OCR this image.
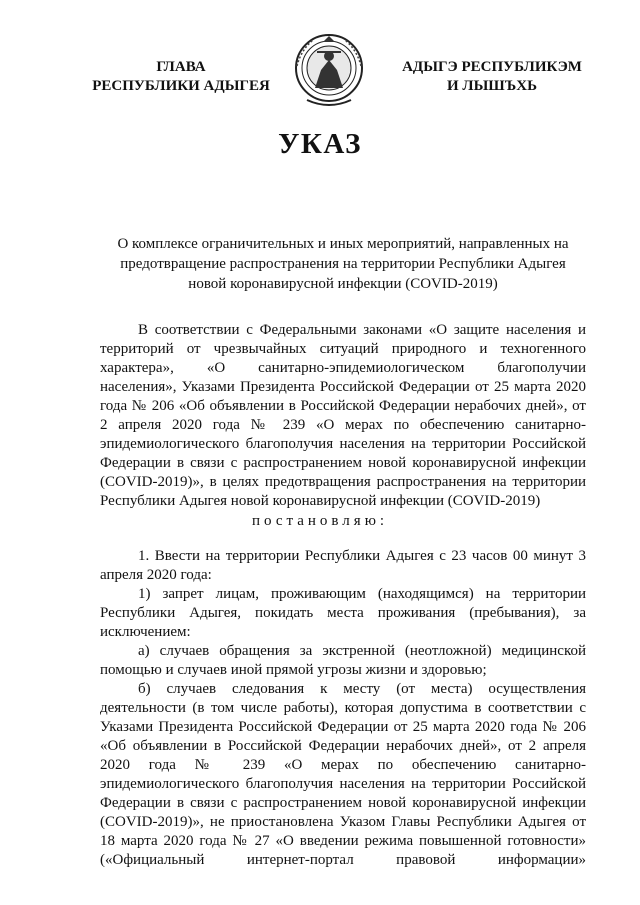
ГЛАВА
РЕСПУБЛИКИ АДЫГЕЯ
АДЫГЭ РЕСПУБЛИКЭМ
И ЛЫШЪХЬ
УКАЗ
О комплексе ограничительных и иных мероприятий, направленных на
предотвращение распространения на территории Республики Адыгея
новой коронавирусной инфекции (COVID-2019)
В соответствии с Федеральными законами «О защите населения и
территорий от чрезвычайных ситуаций природного и техногенного
характера», «О санитарно-эпидемиологическом благополучии
населения», Указами Президента Российской Федерации от 25 марта 2020
года № 206 «Об объявлении в Российской Федерации нерабочих дней», от
2 апреля 2020 года № 239 «О мерах по обеспечению санитарно-
эпидемиологического благополучия населения на территории Российской
Федерации в связи с распространением новой коронавирусной инфекции
(COVID-2019)», в целях предотвращения распространения на территории
Республики Адыгея новой коронавирусной инфекции (COVID-2019)
постановляю:
1. Ввести на территории Республики Адыгея с 23 часов 00 минут 3
апреля 2020 года:
1) запрет лицам, проживающим (находящимся) на территории
Республики Адыгея, покидать места проживания (пребывания), за
исключением:
а) случаев обращения за экстренной (неотложной) медицинской
помощью и случаев иной прямой угрозы жизни и здоровью;
б) случаев следования к месту (от места) осуществления
деятельности (в том числе работы), которая допустима в соответствии с
Указами Президента Российской Федерации от 25 марта 2020 года № 206
«Об объявлении в Российской Федерации нерабочих дней», от 2 апреля
2020 года № 239 «О мерах по обеспечению санитарно-
эпидемиологического благополучия населения на территории Российской
Федерации в связи с распространением новой коронавирусной инфекции
(COVID-2019)», не приостановлена Указом Главы Республики Адыгея от
18 марта 2020 года № 27 «О введении режима повышенной готовности»
(«Официальный интернет-портал правовой информации»
